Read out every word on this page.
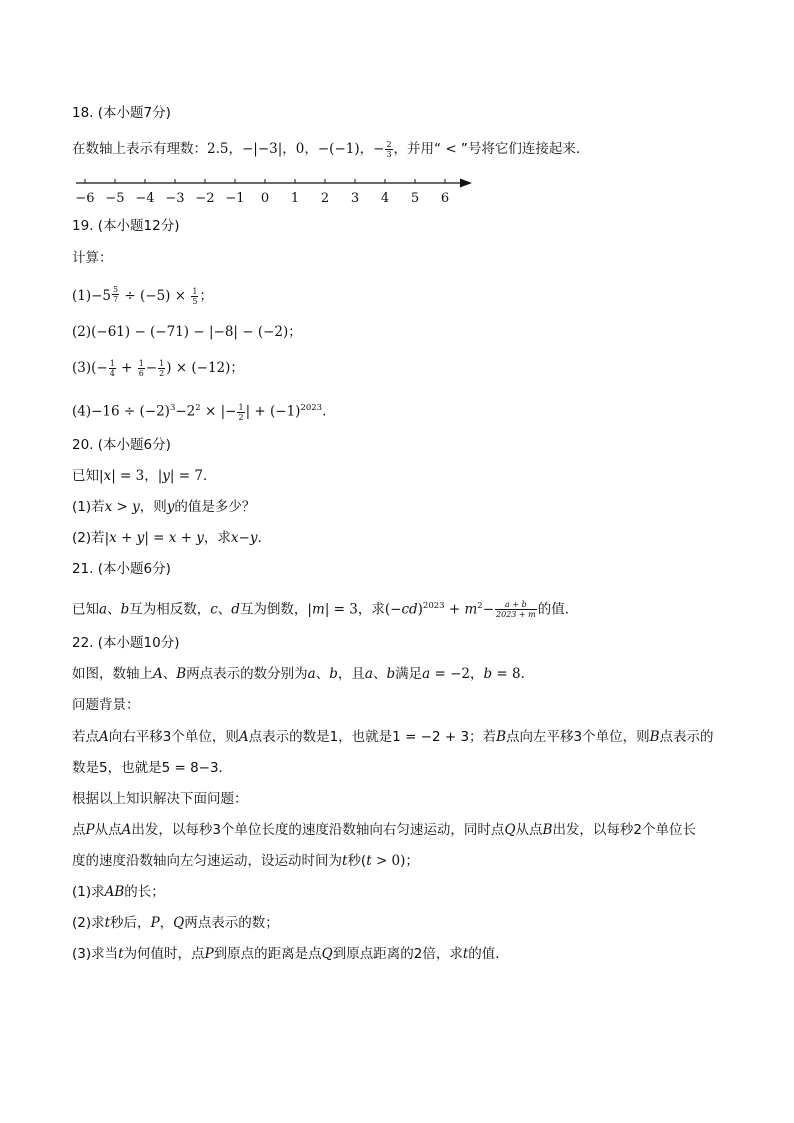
18. (本小题7分)
在数轴上表示有理数：2.5，−|−3|，0，−(−1)，− $\frac{2}{3}$ ，并用“ < ”号将它们连接起来．
−6 −5 −4 −3 −2 −1 0 1 2 3 4 5 6
19. (本小题12分)
计算：
$(1)-5 \frac{5}{7} \div (-5) \times \frac{1}{5}$ ；
(2)(−61) − (−71) − |−8| − (−2)；
$(3)(- \frac{1}{4} + \frac{1}{6} - \frac{1}{2}$ ) × (−12)；
$(4)-16 \div (-2)^3-2^2$ × |− $\frac{1}{2}$ | + $(-1)^{2023}$.
20. (本小题6分)
已知|x| = 3，|y| = 7．
(1)若x > y，则y的值是多少？
(2)若|x + y| = x + y，求x−y．
21. (本小题6分)
已知a、b互为相反数，c、d互为倒数，|m| = 3，求$(-cd)^{2023} + m^2- \frac{a + b}{2023 + m}$ 的值．
22. (本小题10分)
如图，数轴上A、B两点表示的数分别为a、b，且a、b满足a = −2，b = 8．
问题背景：
若点A向右平移3个单位，则A点表示的数是1，也就是1 = −2 + 3；若B点向左平移3个单位，则B点表示的
数是5，也就是5 = 8−3．
根据以上知识解决下面问题：
点P从点A出发，以每秒3个单位长度的速度沿数轴向右匀速运动，同时点Q从点B出发，以每秒2个单位长
度的速度沿数轴向左匀速运动，设运动时间为t秒(t > 0)；
(1)求AB的长；
(2)求t秒后，P，Q两点表示的数；
(3)求当t为何值时，点P到原点的距离是点Q到原点距离的2倍，求t的值．
